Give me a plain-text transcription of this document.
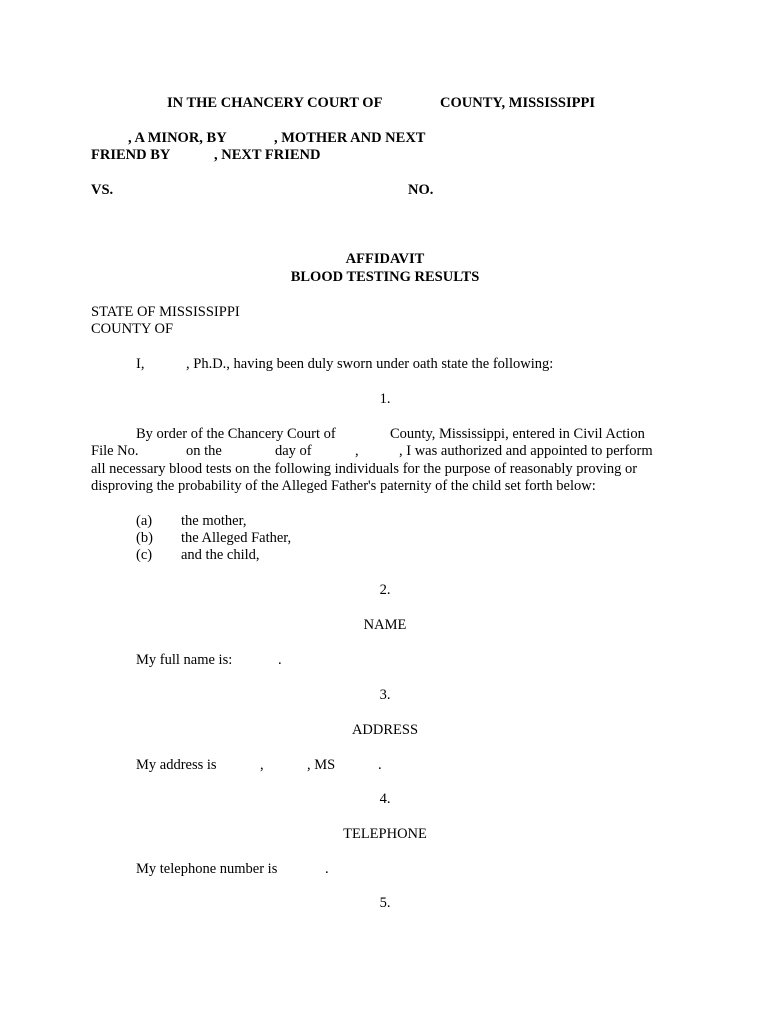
IN THE CHANCERY COURT OF	COUNTY, MISSISSIPPI
, A MINOR, BY	, MOTHER AND NEXT
FRIEND BY	, NEXT FRIEND
VS.	NO.
AFFIDAVIT
BLOOD TESTING RESULTS
STATE OF MISSISSIPPI
COUNTY OF
I,	, Ph.D., having been duly sworn under oath state the following:
1.
By order of the Chancery Court of	County, Mississippi, entered in Civil Action
File No.	on the	day of	,	, I was authorized and appointed to perform
all necessary blood tests on the following individuals for the purpose of reasonably proving or
disproving the probability of the Alleged Father's paternity of the child set forth below:
(a) the mother,
(b) the Alleged Father,
(c) and the child,
2.
NAME
My full name is:	.
3.
ADDRESS
My address is	,	, MS	.
4.
TELEPHONE
My telephone number is	.
5.
